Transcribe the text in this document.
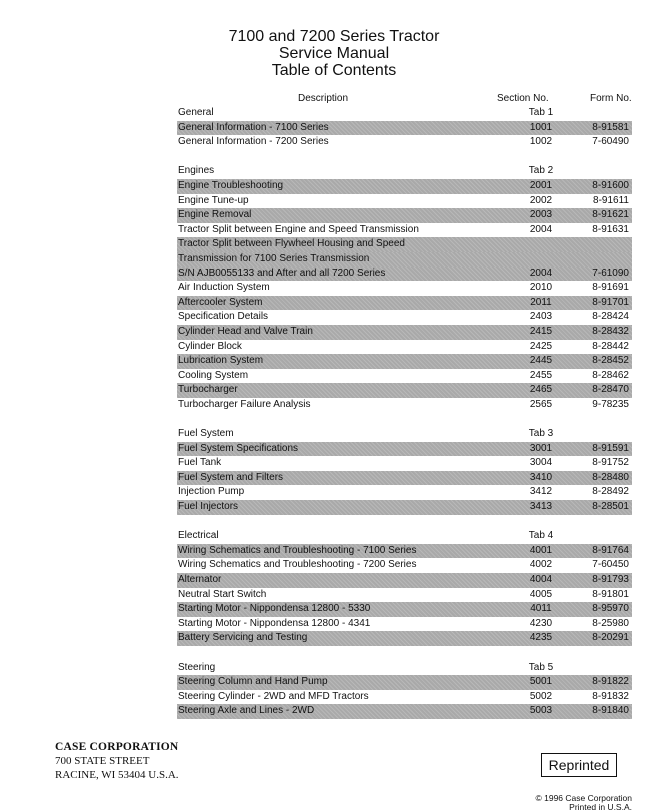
7100 and 7200 Series Tractor
Service Manual
Table of Contents
Description	Section No.	Form No.
General	Tab 1
General Information - 7100 Series	1001	8-91581
General Information - 7200 Series	1002	7-60490
Engines	Tab 2
Engine Troubleshooting	2001	8-91600
Engine Tune-up	2002	8-91611
Engine Removal	2003	8-91621
Tractor Split between Engine and Speed Transmission	2004	8-91631
Tractor Split between Flywheel Housing and Speed
Transmission for 7100 Series Transmission
S/N AJB0055133 and After and all 7200 Series	2004	7-61090
Air Induction System	2010	8-91691
Aftercooler System	2011	8-91701
Specification Details	2403	8-28424
Cylinder Head and Valve Train	2415	8-28432
Cylinder Block	2425	8-28442
Lubrication System	2445	8-28452
Cooling System	2455	8-28462
Turbocharger	2465	8-28470
Turbocharger Failure Analysis	2565	9-78235
Fuel System	Tab 3
Fuel System Specifications	3001	8-91591
Fuel Tank	3004	8-91752
Fuel System and Filters	3410	8-28480
Injection Pump	3412	8-28492
Fuel Injectors	3413	8-28501
Electrical	Tab 4
Wiring Schematics and Troubleshooting - 7100 Series	4001	8-91764
Wiring Schematics and Troubleshooting - 7200 Series	4002	7-60450
Alternator	4004	8-91793
Neutral Start Switch	4005	8-91801
Starting Motor - Nippondensa 12800 - 5330	4011	8-95970
Starting Motor - Nippondensa 12800 - 4341	4230	8-25980
Battery Servicing and Testing	4235	8-20291
Steering	Tab 5
Steering Column and Hand Pump	5001	8-91822
Steering Cylinder - 2WD and MFD Tractors	5002	8-91832
Steering Axle and Lines - 2WD	5003	8-91840
CASE CORPORATION
700 STATE STREET
RACINE, WI 53404 U.S.A.
Reprinted
© 1996 Case Corporation
Printed in U.S.A.
